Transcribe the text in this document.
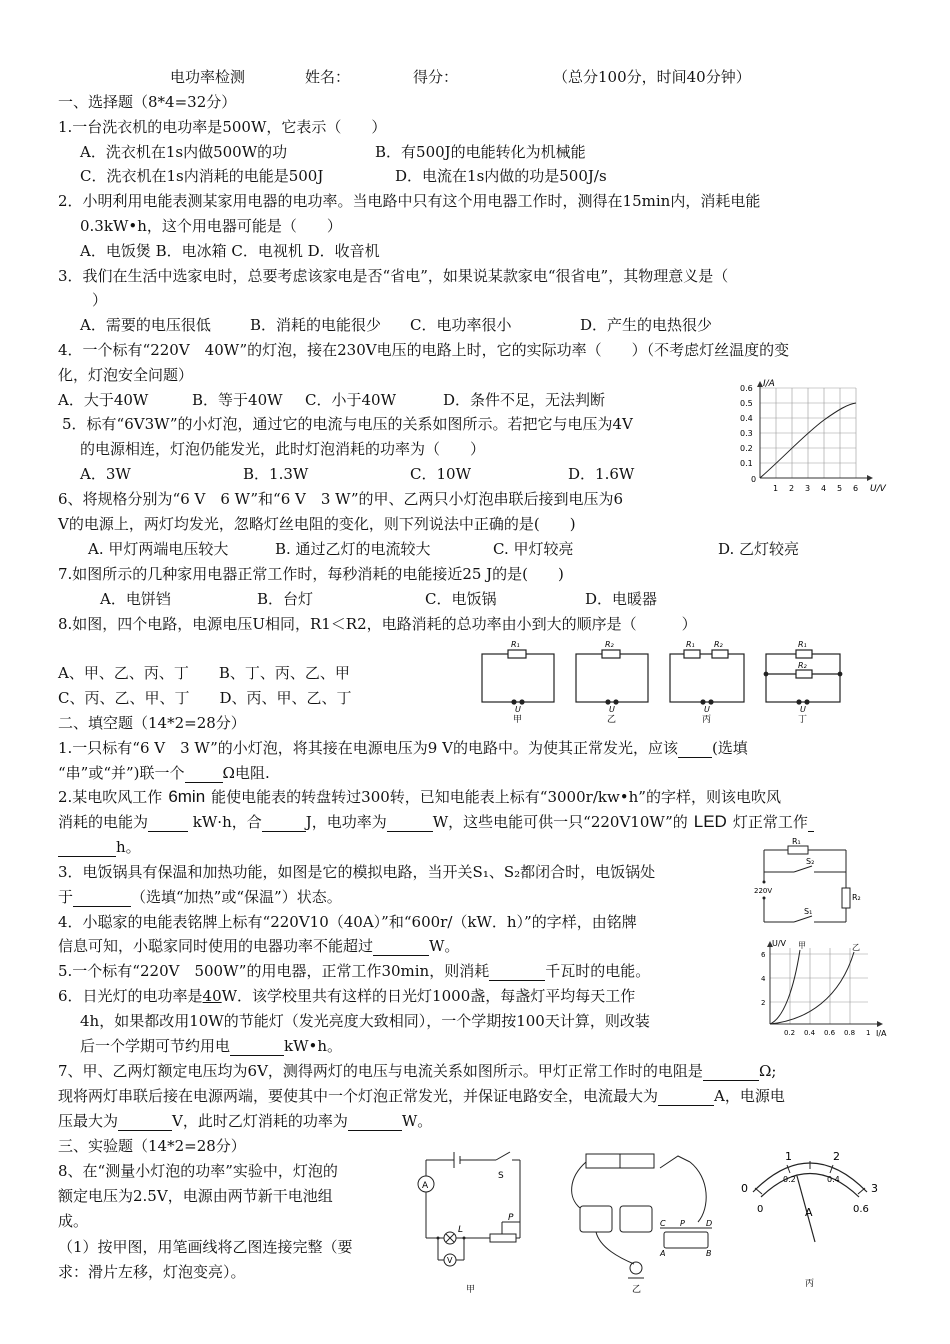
电功率检测	姓名：	得分：	（总分100分，时间40分钟）
一、选择题（8*4=32分）
1.一台洗衣机的电功率是500W，它表示（　　）
A．洗衣机在1s内做500W的功	B．有500J的电能转化为机械能
C．洗衣机在1s内消耗的电能是500J	D．电流在1s内做的功是500J/s
2．小明利用电能表测某家用电器的电功率。当电路中只有这个用电器工作时，测得在15min内，消耗电能
0.3kW•h，这个用电器可能是（　　）
A．电饭煲 B．电冰箱 C．电视机 D．收音机
3．我们在生活中选家电时，总要考虑该家电是否“省电”，如果说某款家电“很省电”，其物理意义是（
）
A．需要的电压很低	B．消耗的电能很少 C．电功率很小	D．产生的电热很少
4．一个标有“220V　40W”的灯泡，接在230V电压的电路上时，它的实际功率（　　）（不考虑灯丝温度的变
化，灯泡安全问题）
A．大于40W	B．等于40W C．小于40W	D．条件不足，无法判断
5．标有“6V3W”的小灯泡，通过它的电流与电压的关系如图所示。若把它与电压为4V
的电源相连，灯泡仍能发光，此时灯泡消耗的功率为（　　）
A．3W	B．1.3W	C．10W	D．1.6W
I/A
U/V
0
0.6
0.5
0.4
0.3
0.2
0.1
1 2 3 4 5 6
6、将规格分别为“6 V　6 W”和“6 V　3 W”的甲、乙两只小灯泡串联后接到电压为6
V的电源上，两灯均发光，忽略灯丝电阻的变化，则下列说法中正确的是(　　)
A. 甲灯两端电压较大	B. 通过乙灯的电流较大	C. 甲灯较亮	D. 乙灯较亮
7.如图所示的几种家用电器正常工作时，每秒消耗的电能接近25 J的是(　　)
A．电饼铛	B．台灯	C．电饭锅	D．电暖器
8.如图，四个电路，电源电压U相同，R1＜R2，电路消耗的总功率由小到大的顺序是（　　　）
A、甲、乙、丙、丁　　B、丁、丙、乙、甲
C、丙、乙、甲、丁　　D、丙、甲、乙、丁
R₁	R₂	R₁ R₂	R₁
R₂
U	U	U	U
甲	乙	丙	丁
二、填空题（14*2=28分）
1.一只标有“6 V　3 W”的小灯泡，将其接在电源电压为9 V的电路中。为使其正常发光，应该 (选填
“串”或“并”)联一个	Ω电阻.
2.某电吹风工作 6min 能使电能表的转盘转过300转，已知电能表上标有“3000r/kw•h”的字样，则该电吹风
消耗的电能为	kW·h，合	J，电功率为	W，这些电能可供一只“220V10W”的 LED 灯正常工作
h。
3．电饭锅具有保温和加热功能，如图是它的模拟电路，当开关S₁、S₂都闭合时，电饭锅处
于	（选填“加热”或“保温”）状态。
R₁
S₂
220V
R₂
S₁
4．小聪家的电能表铭牌上标有“220V10（40A）”和“600r/（kW．h）”的字样，由铭牌
信息可知，小聪家同时使用的电器功率不能超过	W。
5.一个标有“220V　500W”的用电器，正常工作30min，则消耗	千瓦时的电能。
6．日光灯的电功率是40W．该学校里共有这样的日光灯1000盏，每盏灯平均每天工作
4h，如果都改用10W的节能灯（发光亮度大致相同），一个学期按100天计算，则改装
后一个学期可节约用电	kW•h。
U/V 甲	乙
I/A
6
4
2
0.2 0.4 0.6 0.8 1
7、甲、乙两灯额定电压均为6V，测得两灯的电压与电流关系如图所示。甲灯正常工作时的电阻是	Ω;
现将两灯串联后接在电源两端，要使其中一个灯泡正常发光，并保证电路安全，电流最大为	A，电源电
压最大为	V，此时乙灯消耗的功率为	W。
三、实验题（14*2=28分）
8、在“测量小灯泡的功率”实验中，灯泡的
额定电压为2.5V，电源由两节新干电池组
成。
（1）按甲图，用笔画线将乙图连接完整（要
求：滑片左移，灯泡变亮）。
A
S
L
P
V
甲
C P	D
A	B
乙
0
1	2
3
0
0.2	0.4
0.6
A
丙
